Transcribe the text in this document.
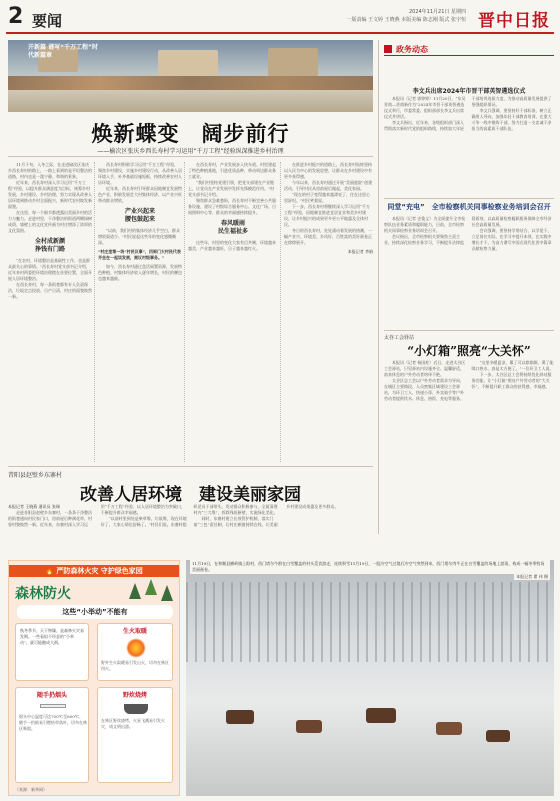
2 要闻	2024年11月21日 星期四
一版责编 王文婷 王晓燕 本版美编 陈志刚 版式 张宇恒 晋中日报
开新篇 谱写“千万工程”时代新篇章
焕新蝶变　阔步前行
——榆次区张庆乡西长寿村学习运用“千万工程”经验纵深推进乡村治理

11月下旬，入冬之际，在走进榆次区张庆乡西长寿村的路上，一路上看到的是平坦整洁的道路，村内也是一派宁静、和谐的景象。

近年来，西长寿村深入学习运用“千万工程”经验，以提升群众满意度为目标，统筹乡村发展、乡村建设、乡村治理，努力实现从改善人居环境到推动乡村全面振兴，新时代农村焕发新面貌。

在这里，每一个细节都透露出美丽乡村的活力与魅力。走进村里，干净整洁的街道两侧绿树成荫，墙壁上的文化宣传画为村庄增添了浓厚的文化氛围。

全村成新颜
挣钱有门路

“在农村，环境整治是基础性工作，也是群众最关心的事情。”西长寿村党支部书记介绍，近年来村两委把环境治理摆在首要位置，全面开展人居环境整治。

在西长寿村，每一条街巷都有专人负责保洁，垃圾定点投放、日产日清，村庄的面貌焕然一新。

西长寿村积极学习运用“千万工程”经验，聚焦乡村建设，实施乡村建设行动，从改善人居环境入手，补齐基础设施短板，持续改善农村人居环境。

近年来，西长寿村引导群众因地制宜发展特色产业，积极发展壮大村集体经济，以产业兴旺带动群众增收。

产业兴起来
腰包鼓起来

“以前，我们村的集体经济几乎空白，群众增收渠道少。”村民说起这些年的变化感慨颇深。

“村庄里第一场“村民议事”，四周门大村民代表齐坐在一起谈发展，商议村级事务。”

如今，西长寿村通过盘活闲置资源，发展特色种植，村集体经济收入逐年增长，村民的腰包也越来越鼓。

在西长寿村，产业发展步入快车道。村里建起了特色种植基地，引进优质品种，带动周边群众务工就业。

“我们村坚持党建引领，把党支部建在产业链上，让党员在产业发展中发挥先锋模范作用。”村党支部书记介绍。

聚焦群众急难愁盼，西长寿村不断完善公共服务设施，建设了村级综合服务中心、文化广场、日间照料中心等，群众的幸福感持续提升。

春风暖雨
民生福祉多

这些年，村里的变化大家有目共睹，环境越来越美，产业越来越旺，日子越来越红火。

在推进乡村振兴的道路上，西长寿村始终坚持以人民为中心的发展思想，让群众在乡村建设中有更多获得感。

今年以来，西长寿村通过开展“美丽庭院”创建活动，引导村民从房前屋后做起，美化家园。

“现在的村子变得越来越漂亮了，住在这里心里舒坦。”村民笑着说。

下一步，西长寿村将继续深入学习运用“千万工程”经验，因地制宜推进宜居宜业和美乡村建设，让乡村振兴的成果更多更公平地惠及全体村民。

冬日的西长寿村，处处涌动着发展的热潮，一幅产业兴、环境美、乡风好、百姓富的美好画卷正在徐徐展开。

本报记者 李娟
昔阳县赵壁乡东寨村
改善人居环境　建设美丽家园
本报记者 王晓燕 通讯员 张瑞

走进昔阳县赵壁乡东寨村，一条条干净整洁的街巷通向村民家门口，房前屋后种满花草，村容村貌焕然一新。近年来，东寨村深入学习运用“千万工程”经验，以人居环境整治为突破口，不断提升群众幸福感。

“以前村里到处是柴草堆、垃圾堆，现在环境好了，大家心情也舒畅了。”村民们说。东寨村组织党员干部带头，发动群众积极参与，全面清理村内“三大堆”，拆除残垣断壁，实施绿化美化。

同时，东寨村建立长效管护机制，落实门前“三包”责任制，让村庄颜值持续在线，让美丽乡村建设成果惠及更多群众。

🔥 严防森林火灾 守护绿色家园
森林防火
这些“小举动”不能有
秋冬季节，天干物燥，是森林火灾易发期。一些看似不经意的“小举动”，就可能酿成大祸。
生火取暖
野外生火取暖易引发山火，切勿在林区用火。
随手扔烟头
烟头中心温度可达700℃至800℃，随手一扔极易引燃枯草落叶，切勿在林区吸烟。
野炊烧烤
在林区野炊烧烤，火星飞溅易引发火灾，请文明出游。
（来源：新华网）
政务动态
李文兵出席2024年市晋干部英智遴选仪式

本报讯（记者 郭婷婷）11月20日，“东吴晋商—晋商新作为”2024年市晋干部英智遴选仪式举行，市委常委、组织部部长李文兵出席仪式并讲话。

李文兵指出，近年来，各级组织部门深入贯彻落实新时代党的组织路线，持续加大年轻干部培养选拔力度，为推动高质量发展提供了坚强组织保证。

李文兵强调，要坚持好干部标准，树立正确用人导向，加强年轻干部教育培训，在重大斗争一线中锻炼干部，努力打造一支忠诚干净担当的高素质干部队伍。

同堂“充电”　全市检察机关同事检察业务培训会召开

本报讯（记者 史俊义）为全面提升全市检察队伍业务素质和履职能力，日前，全市检察机关同事检察业务培训会召开。

会议指出，全市检察机关要聚焦主责主业，持续深化检察业务学习，不断提升法律监督质效，以高质量检察履职服务保障全市经济社会高质量发展。

会议强调，要坚持学用结合、以学促干，立足岗位实际，在学习中提升本领，在实践中增长才干，为奋力谱写中国式现代化晋中篇章贡献检察力量。

太谷工会驿站
“小灯箱”照亮“大关怀”

本报讯（记者 杨国柱）近日，走进太谷区工会驿站，只见驿站内设施齐全、温馨舒适，前来休息的户外劳动者络绎不绝。

太谷区总工会以户外劳动者需求为导向，在城区主要路段、人员密集区域建设工会驿站，为环卫工人、快递小哥、外卖骑手等户外劳动者提供饮水、休息、热饭、充电等服务。

“这里冬暖夏凉，累了可以歇歇脚，渴了能喝口热水，真是太方便了。”一位环卫工人说。

下一步，太谷区总工会将持续优化驿站服务功能，让“小灯箱”照亮户外劳动者的“大关怀”，不断提升职工群众的获得感、幸福感。

11月19日，在和顺县横岭镇上阳村，西门塔尔牛群在白雪覆盖的村头觅食游走，连续积雪11月19日，一股冷空气过境后冷空气突然到来，西门塔尔肉牛正在白雪覆盖的场地上游荡，构成一幅冬季牧场美丽画卷。
本报记者 翟 伟 摄
